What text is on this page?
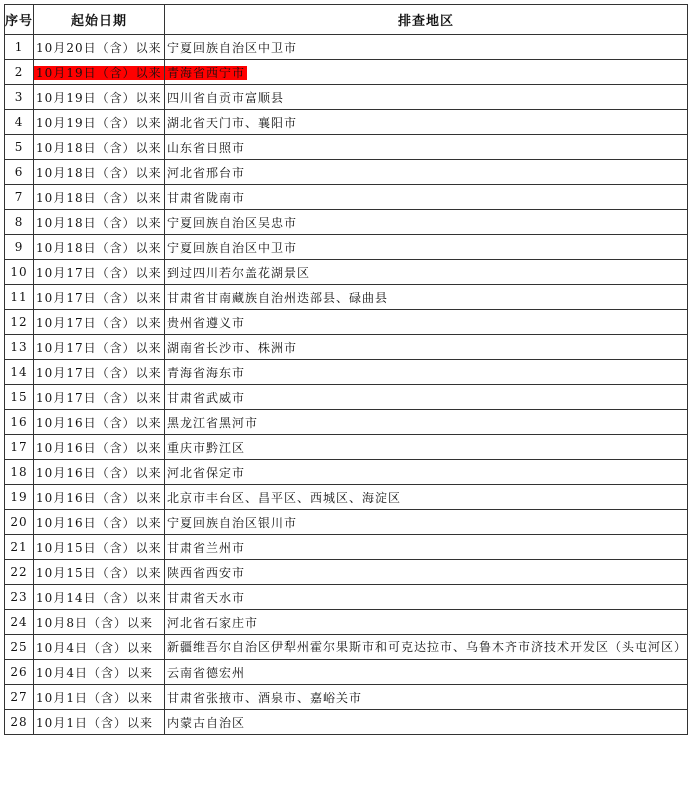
序号	起始日期	排查地区
1	10月20日（含）以来	宁夏回族自治区中卫市
2	10月19日（含）以来	青海省西宁市
3	10月19日（含）以来	四川省自贡市富顺县
4	10月19日（含）以来	湖北省天门市、襄阳市
5	10月18日（含）以来	山东省日照市
6	10月18日（含）以来	河北省邢台市
7	10月18日（含）以来	甘肃省陇南市
8	10月18日（含）以来	宁夏回族自治区吴忠市
9	10月18日（含）以来	宁夏回族自治区中卫市
10	10月17日（含）以来	到过四川若尔盖花湖景区
11	10月17日（含）以来	甘肃省甘南藏族自治州迭部县、碌曲县
12	10月17日（含）以来	贵州省遵义市
13	10月17日（含）以来	湖南省长沙市、株洲市
14	10月17日（含）以来	青海省海东市
15	10月17日（含）以来	甘肃省武威市
16	10月16日（含）以来	黑龙江省黑河市
17	10月16日（含）以来	重庆市黔江区
18	10月16日（含）以来	河北省保定市
19	10月16日（含）以来	北京市丰台区、昌平区、西城区、海淀区
20	10月16日（含）以来	宁夏回族自治区银川市
21	10月15日（含）以来	甘肃省兰州市
22	10月15日（含）以来	陕西省西安市
23	10月14日（含）以来	甘肃省天水市
24	10月8日（含）以来	河北省石家庄市
25	10月4日（含）以来	新疆维吾尔自治区伊犁州霍尔果斯市和可克达拉市、乌鲁木齐市济技术开发区（头屯河区）
26	10月4日（含）以来	云南省德宏州
27	10月1日（含）以来	甘肃省张掖市、酒泉市、嘉峪关市
28	10月1日（含）以来	内蒙古自治区
